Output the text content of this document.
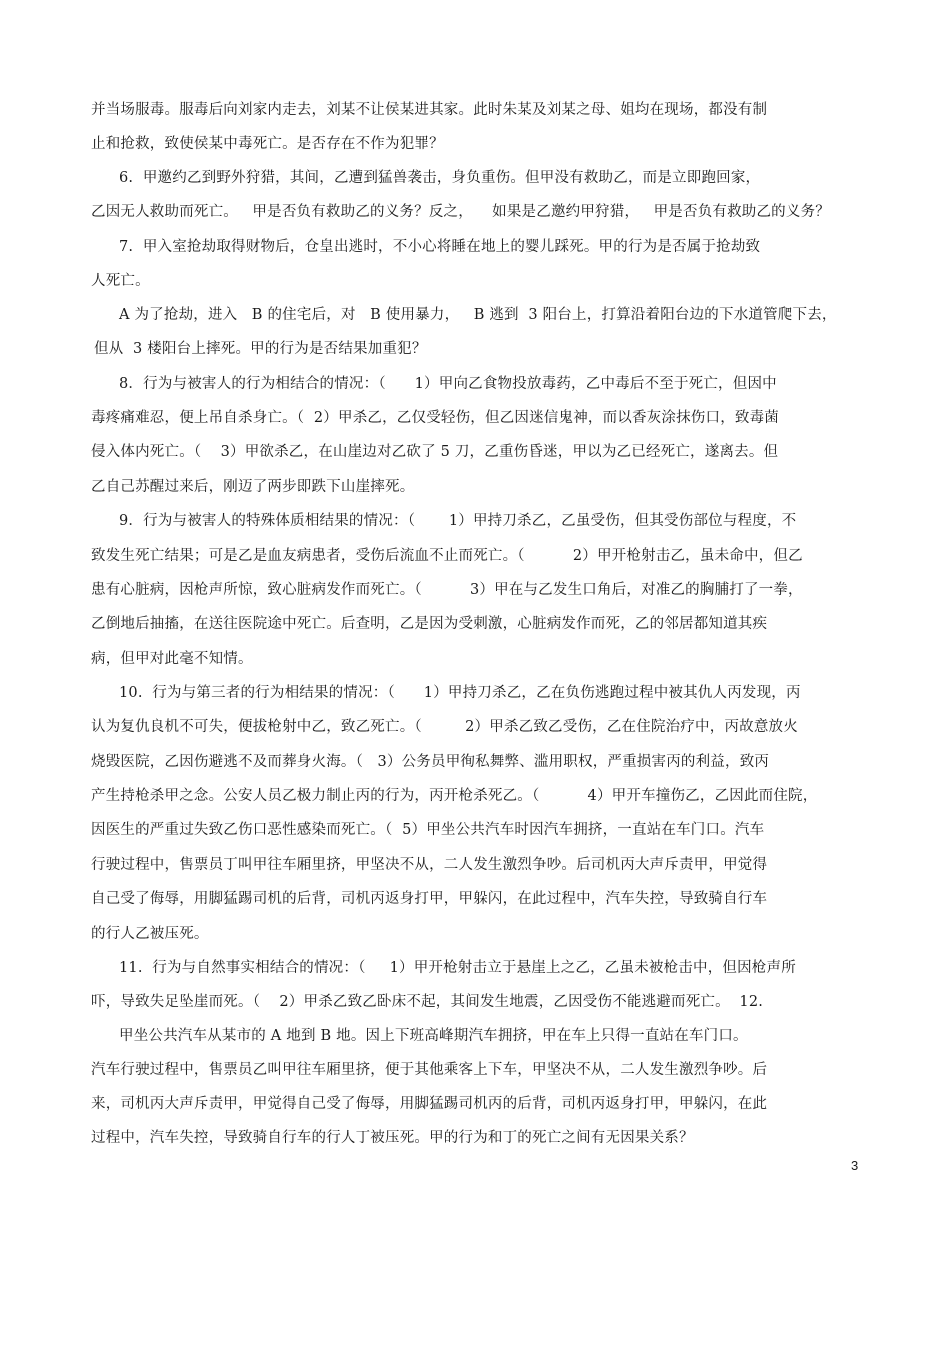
并当场服毒。服毒后向刘家内走去，刘某不让侯某进其家。此时朱某及刘某之母、姐均在现场，都没有制
止和抢救，致使侯某中毒死亡。是否存在不作为犯罪？
6.  甲邀约乙到野外狩猎，其间，乙遭到猛兽袭击，身负重伤。但甲没有救助乙，而是立即跑回家，
乙因无人救助而死亡。   甲是否负有救助乙的义务？反之，    如果是乙邀约甲狩猎，   甲是否负有救助乙的义务？
7.  甲入室抢劫取得财物后，仓皇出逃时，不小心将睡在地上的婴儿踩死。甲的行为是否属于抢劫致
人死亡。
A 为了抢劫，进入   B 的住宅后，对   B 使用暴力，   B 逃到  3 阳台上，打算沿着阳台边的下水道管爬下去，
但从  3 楼阳台上摔死。甲的行为是否结果加重犯？
8．行为与被害人的行为相结合的情况：（      1）甲向乙食物投放毒药，乙中毒后不至于死亡，但因中
毒疼痛难忍，便上吊自杀身亡。（  2）甲杀乙，乙仅受轻伤，但乙因迷信鬼神，而以香灰涂抹伤口，致毒菌
侵入体内死亡。（    3）甲欲杀乙，在山崖边对乙砍了 5 刀，乙重伤昏迷，甲以为乙已经死亡，遂离去。但
乙自己苏醒过来后，刚迈了两步即跌下山崖摔死。
9．行为与被害人的特殊体质相结果的情况：（       1）甲持刀杀乙，乙虽受伤，但其受伤部位与程度，不
致发生死亡结果；可是乙是血友病患者，受伤后流血不止而死亡。（          2）甲开枪射击乙，虽未命中，但乙
患有心脏病，因枪声所惊，致心脏病发作而死亡。（          3）甲在与乙发生口角后，对准乙的胸脯打了一拳，
乙倒地后抽搐，在送往医院途中死亡。后查明，乙是因为受刺激，心脏病发作而死，乙的邻居都知道其疾
病，但甲对此毫不知情。
10.  行为与第三者的行为相结果的情况：（      1）甲持刀杀乙，乙在负伤逃跑过程中被其仇人丙发现，丙
认为复仇良机不可失，便拔枪射中乙，致乙死亡。（         2）甲杀乙致乙受伤，乙在住院治疗中，丙故意放火
烧毁医院，乙因伤避逃不及而葬身火海。（   3）公务员甲徇私舞弊、滥用职权，严重损害丙的利益，致丙
产生持枪杀甲之念。公安人员乙极力制止丙的行为，丙开枪杀死乙。（          4）甲开车撞伤乙，乙因此而住院，
因医生的严重过失致乙伤口恶性感染而死亡。（  5）甲坐公共汽车时因汽车拥挤，一直站在车门口。汽车
行驶过程中，售票员丁叫甲往车厢里挤，甲坚决不从，二人发生激烈争吵。后司机丙大声斥责甲，甲觉得
自己受了侮辱，用脚猛踢司机的后背，司机丙返身打甲，甲躲闪，在此过程中，汽车失控，导致骑自行车
的行人乙被压死。
11.  行为与自然事实相结合的情况：（     1）甲开枪射击立于悬崖上之乙，乙虽未被枪击中，但因枪声所
吓，导致失足坠崖而死。（    2）甲杀乙致乙卧床不起，其间发生地震，乙因受伤不能逃避而死亡。  12.
甲坐公共汽车从某市的 A 地到 B 地。因上下班高峰期汽车拥挤，甲在车上只得一直站在车门口。
汽车行驶过程中，售票员乙叫甲往车厢里挤，便于其他乘客上下车，甲坚决不从，二人发生激烈争吵。后
来，司机丙大声斥责甲，甲觉得自己受了侮辱，用脚猛踢司机丙的后背，司机丙返身打甲，甲躲闪，在此
过程中，汽车失控，导致骑自行车的行人丁被压死。甲的行为和丁的死亡之间有无因果关系？
3
